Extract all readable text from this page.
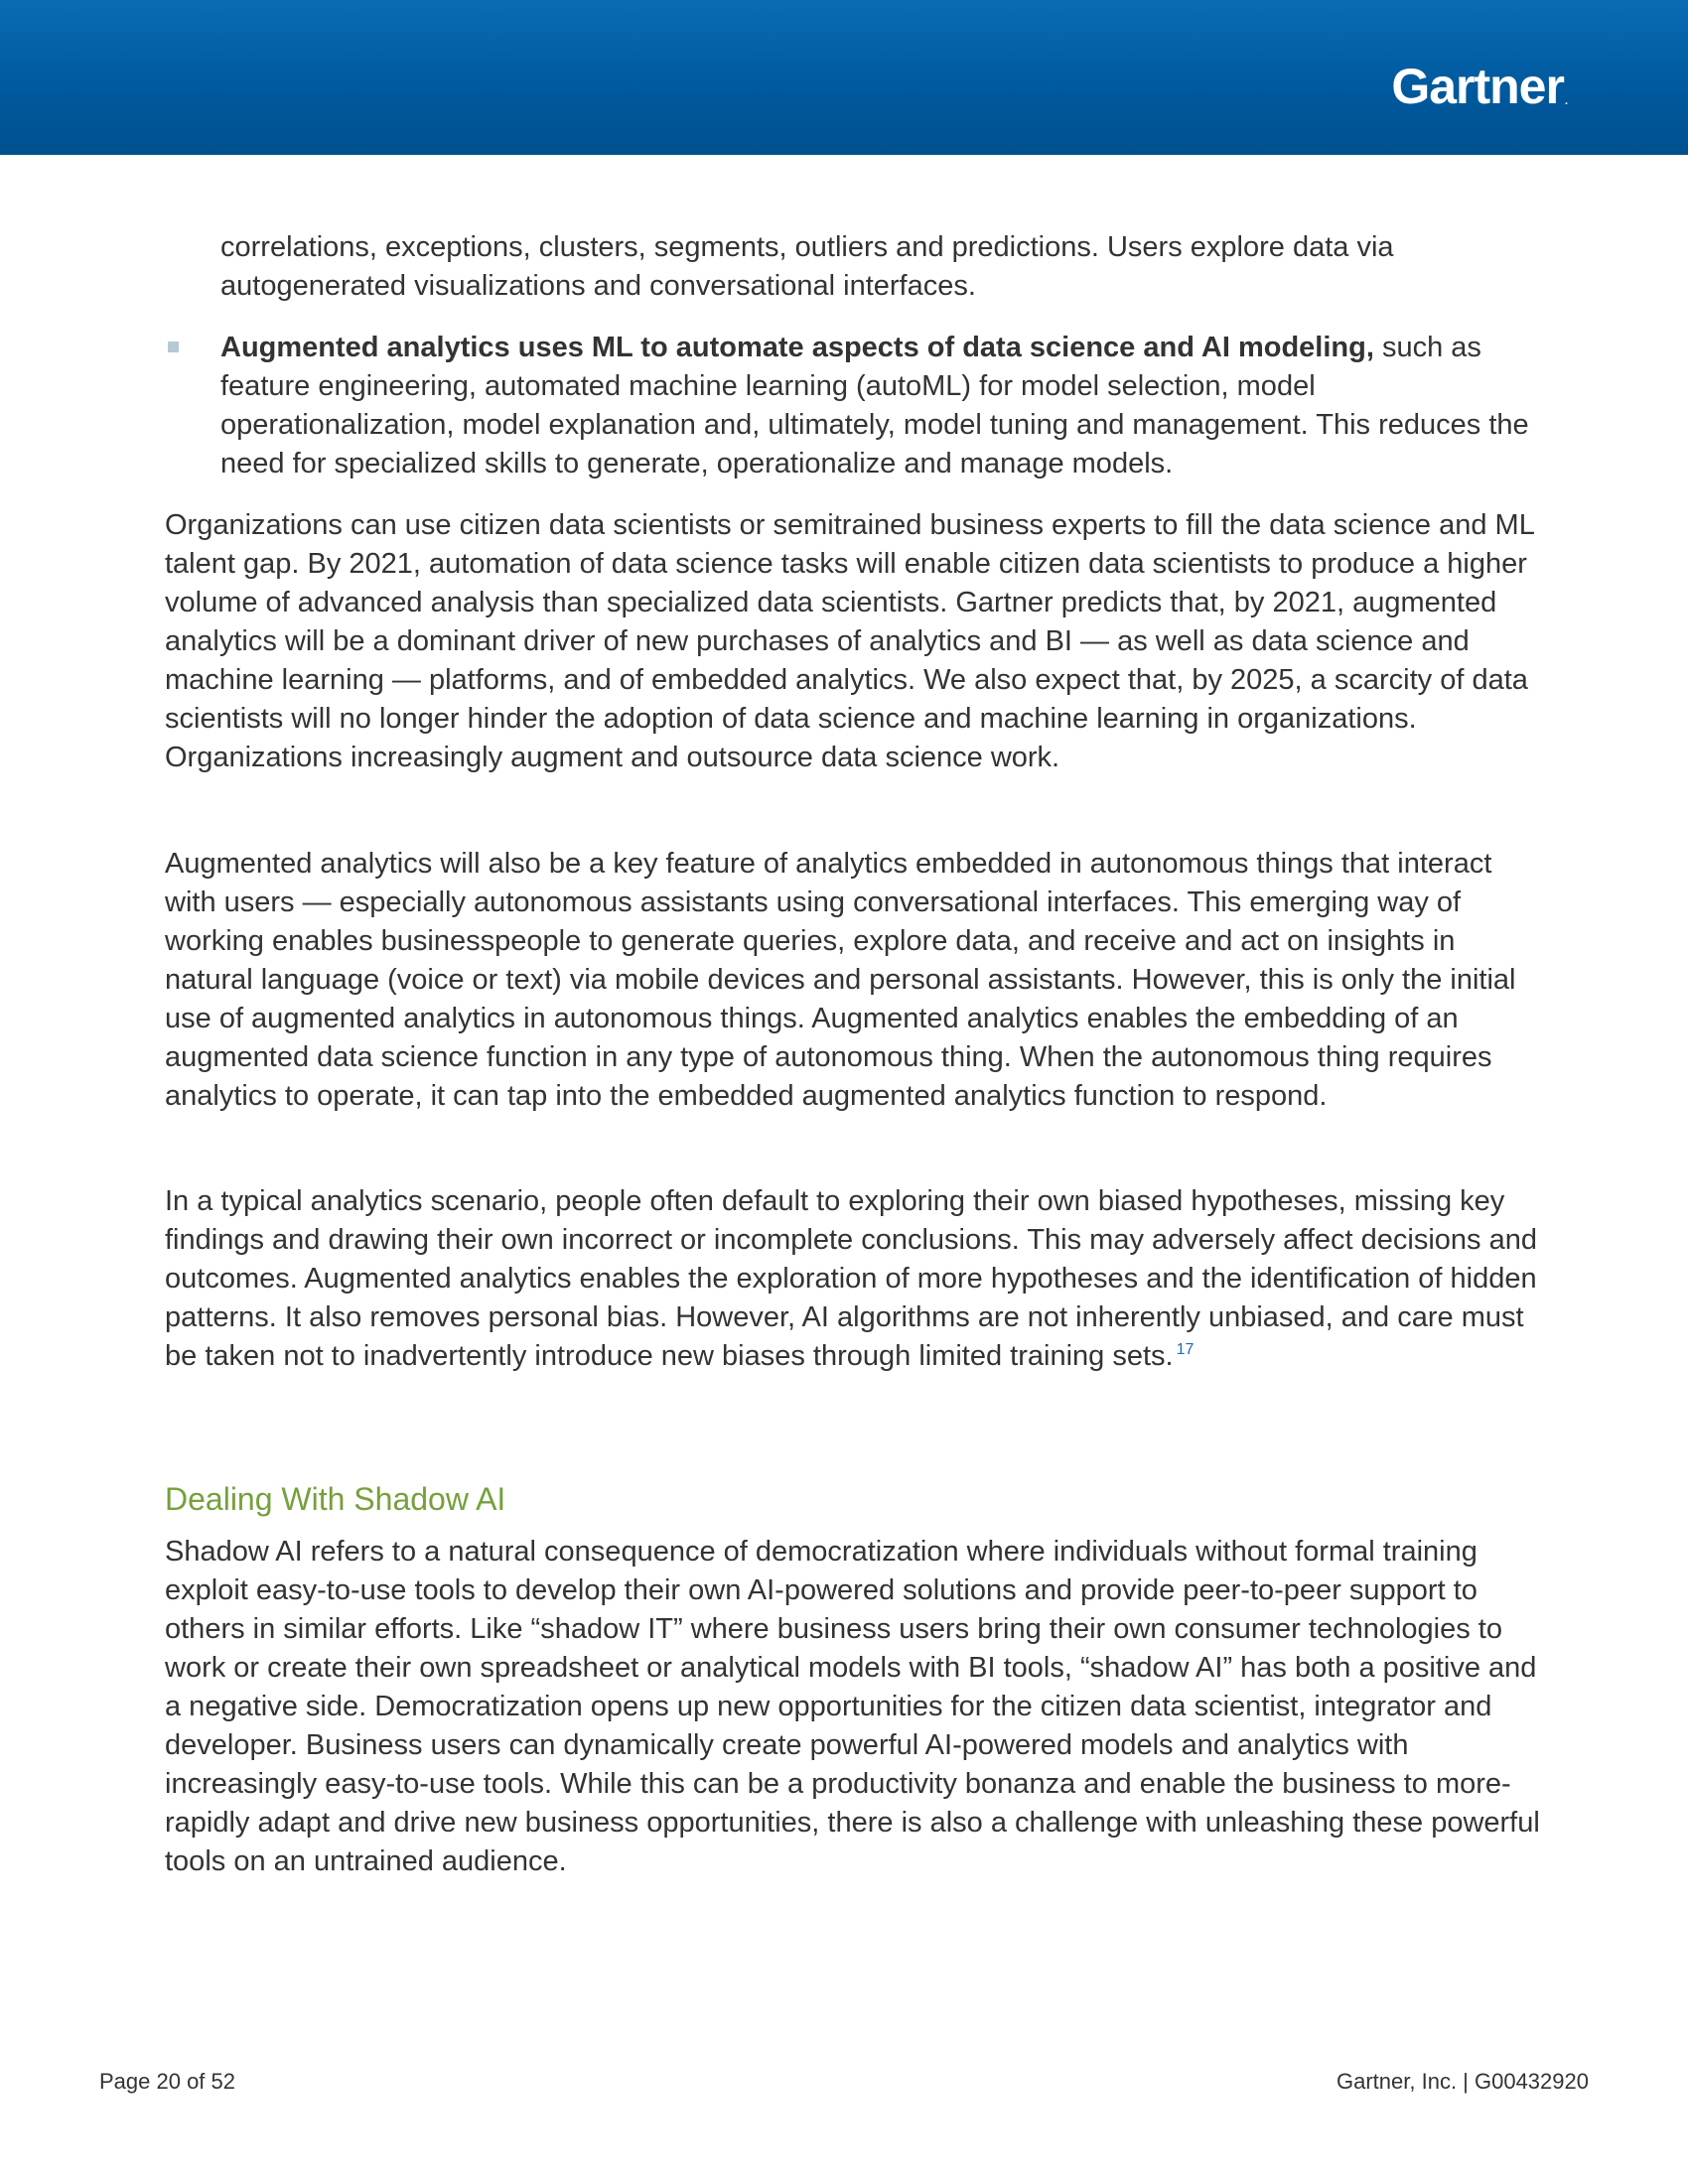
Gartner.

correlations, exceptions, clusters, segments, outliers and predictions. Users explore data via autogenerated visualizations and conversational interfaces.

Augmented analytics uses ML to automate aspects of data science and AI modeling, such as feature engineering, automated machine learning (autoML) for model selection, model operationalization, model explanation and, ultimately, model tuning and management. This reduces the need for specialized skills to generate, operationalize and manage models.

Organizations can use citizen data scientists or semitrained business experts to fill the data science and ML talent gap. By 2021, automation of data science tasks will enable citizen data scientists to produce a higher volume of advanced analysis than specialized data scientists. Gartner predicts that, by 2021, augmented analytics will be a dominant driver of new purchases of analytics and BI — as well as data science and machine learning — platforms, and of embedded analytics. We also expect that, by 2025, a scarcity of data scientists will no longer hinder the adoption of data science and machine learning in organizations. Organizations increasingly augment and outsource data science work.

Augmented analytics will also be a key feature of analytics embedded in autonomous things that interact with users — especially autonomous assistants using conversational interfaces. This emerging way of working enables businesspeople to generate queries, explore data, and receive and act on insights in natural language (voice or text) via mobile devices and personal assistants. However, this is only the initial use of augmented analytics in autonomous things. Augmented analytics enables the embedding of an augmented data science function in any type of autonomous thing. When the autonomous thing requires analytics to operate, it can tap into the embedded augmented analytics function to respond.

In a typical analytics scenario, people often default to exploring their own biased hypotheses, missing key findings and drawing their own incorrect or incomplete conclusions. This may adversely affect decisions and outcomes. Augmented analytics enables the exploration of more hypotheses and the identification of hidden patterns. It also removes personal bias. However, AI algorithms are not inherently unbiased, and care must be taken not to inadvertently introduce new biases through limited training sets. $^{17}$

Dealing With Shadow AI

Shadow AI refers to a natural consequence of democratization where individuals without formal training exploit easy-to-use tools to develop their own AI-powered solutions and provide peer-to-peer support to others in similar efforts. Like “shadow IT” where business users bring their own consumer technologies to work or create their own spreadsheet or analytical models with BI tools, “shadow AI” has both a positive and a negative side. Democratization opens up new opportunities for the citizen data scientist, integrator and developer. Business users can dynamically create powerful AI-powered models and analytics with increasingly easy-to-use tools. While this can be a productivity bonanza and enable the business to more-rapidly adapt and drive new business opportunities, there is also a challenge with unleashing these powerful tools on an untrained audience.

Page 20 of 52	Gartner, Inc. | G00432920
